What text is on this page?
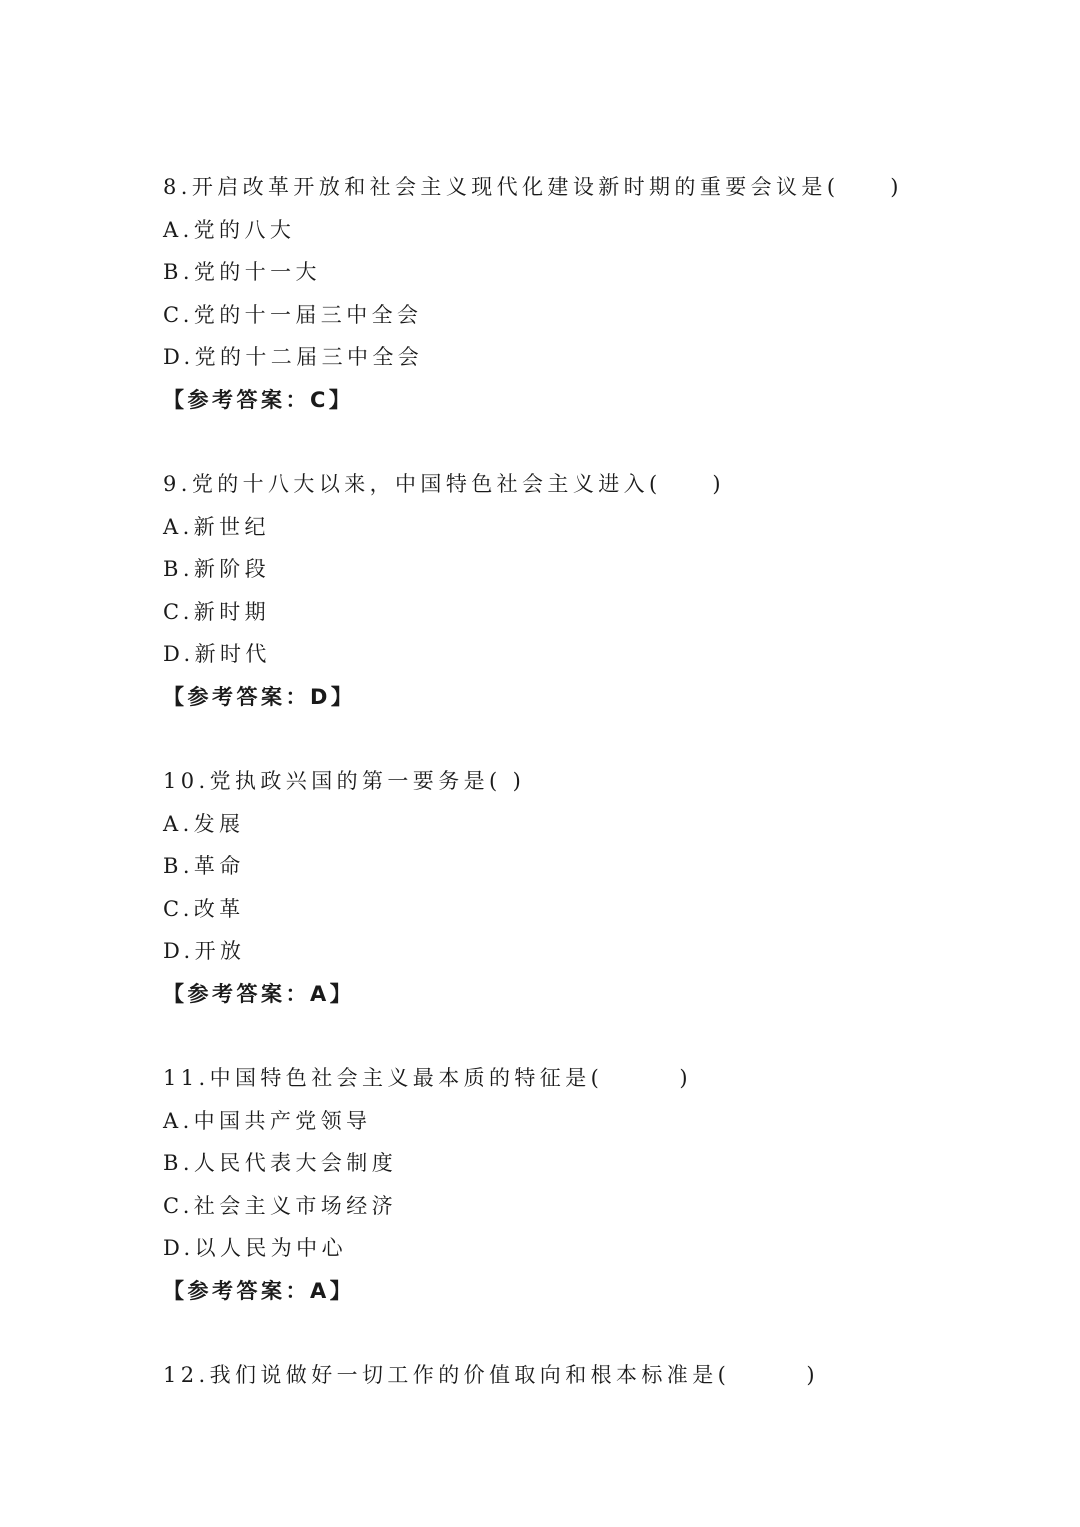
8.开启改革开放和社会主义现代化建设新时期的重要会议是(　　)
A.党的八大
B.党的十一大
C.党的十一届三中全会
D.党的十二届三中全会
【参考答案：C】
9.党的十八大以来，中国特色社会主义进入(　　)
A.新世纪
B.新阶段
C.新时期
D.新时代
【参考答案：D】
10.党执政兴国的第一要务是( )
A.发展
B.革命
C.改革
D.开放
【参考答案：A】
11.中国特色社会主义最本质的特征是(　　　)
A.中国共产党领导
B.人民代表大会制度
C.社会主义市场经济
D.以人民为中心
【参考答案：A】
12.我们说做好一切工作的价值取向和根本标准是(　　　)
